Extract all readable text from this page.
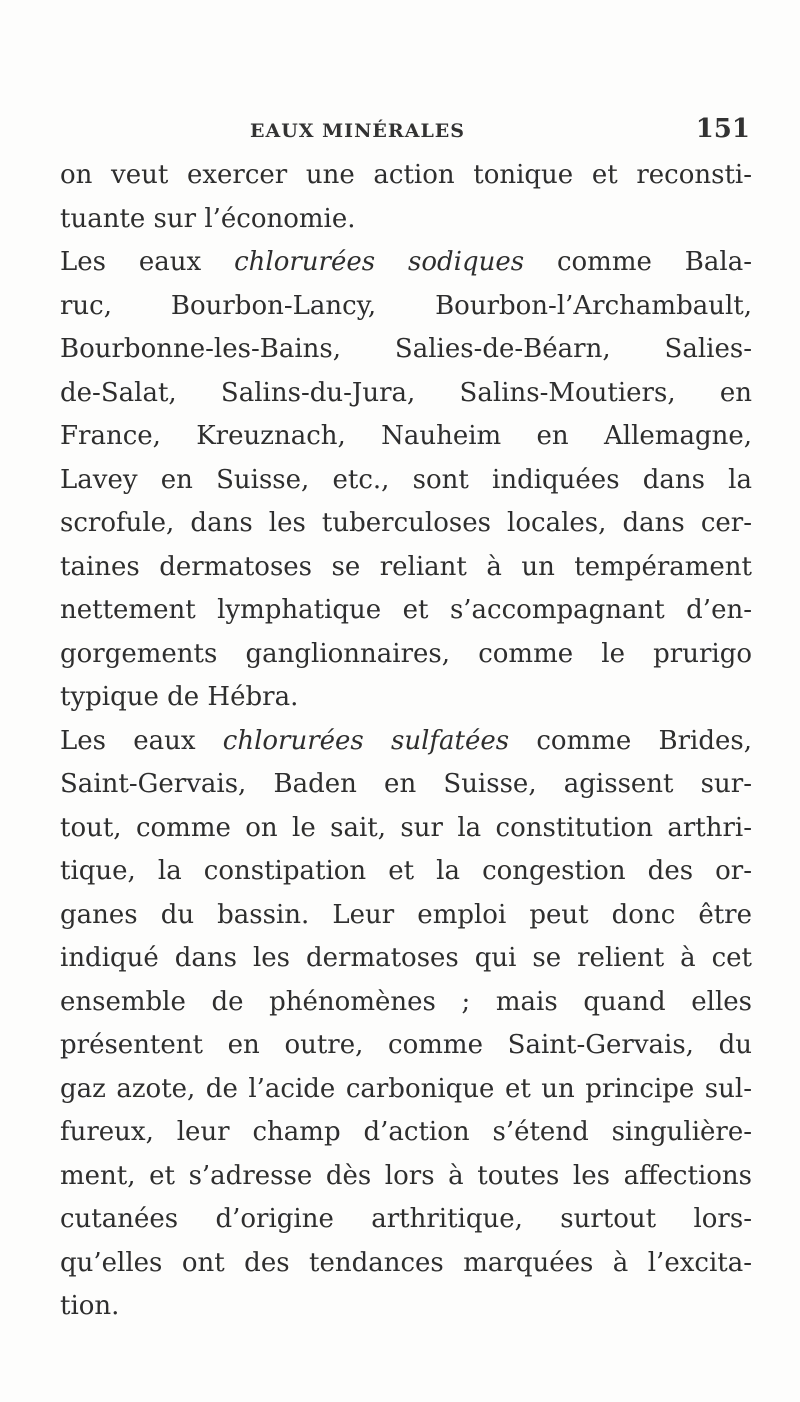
EAUX MINÉRALES	151
on veut exercer une action tonique et reconsti-
tuante sur l’économie.
Les eaux chlorurées sodiques comme Bala-
ruc, Bourbon-Lancy, Bourbon-l’Archambault,
Bourbonne-les-Bains, Salies-de-Béarn, Salies-
de-Salat, Salins-du-Jura, Salins-Moutiers, en
France, Kreuznach, Nauheim en Allemagne,
Lavey en Suisse, etc., sont indiquées dans la
scrofule, dans les tuberculoses locales, dans cer-
taines dermatoses se reliant à un tempérament
nettement lymphatique et s’accompagnant d’en-
gorgements ganglionnaires, comme le prurigo
typique de Hébra.
Les eaux chlorurées sulfatées comme Brides,
Saint-Gervais, Baden en Suisse, agissent sur-
tout, comme on le sait, sur la constitution arthri-
tique, la constipation et la congestion des or-
ganes du bassin. Leur emploi peut donc être
indiqué dans les dermatoses qui se relient à cet
ensemble de phénomènes ; mais quand elles
présentent en outre, comme Saint-Gervais, du
gaz azote, de l’acide carbonique et un principe sul-
fureux, leur champ d’action s’étend singulière-
ment, et s’adresse dès lors à toutes les affections
cutanées d’origine arthritique, surtout lors-
qu’elles ont des tendances marquées à l’excita-
tion.
